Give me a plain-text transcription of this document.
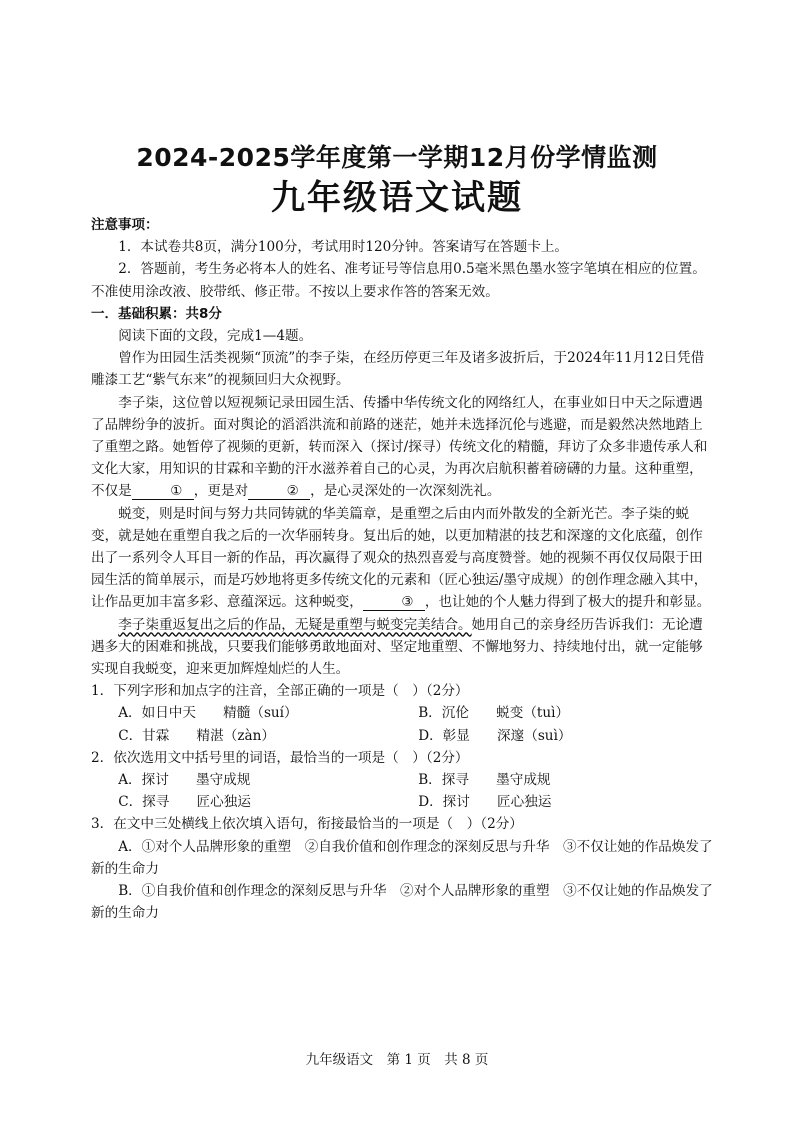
2024-2025学年度第一学期12月份学情监测
九年级语文试题

注意事项：

1．本试卷共8页，满分100分，考试用时120分钟。答案请写在答题卡上。

2．答题前，考生务必将本人的姓名、准考证号等信息用0.5毫米黑色墨水签字笔填在相应的位置。不准使用涂改液、胶带纸、修正带。不按以上要求作答的答案无效。

一．基础积累：共8分

阅读下面的文段，完成1—4题。

曾作为田园生活类视频“顶流”的李子柒，在经历停更三年及诸多波折后，于2024年11月12日凭借雕漆工艺“紫气东来”的视频回归大众视野。

李子柒，这位曾以短视频记录田园生活、传播中华传统文化的网络红人，在事业如日中天之际遭遇了品牌纷争的波折。面对舆论的滔滔洪流和前路的迷茫，她并未选择沉伦与逃避，而是毅然决然地踏上了重塑之路。她暂停了视频的更新，转而深入（探讨/探寻）传统文化的精髓，拜访了众多非遗传承人和文化大家，用知识的甘霖和辛勤的汗水滋养着自己的心灵，为再次启航积蓄着磅礴的力量。这种重塑，不仅是	① ，更是对	② ，是心灵深处的一次深刻洗礼。

蜕变，则是时间与努力共同铸就的华美篇章，是重塑之后由内而外散发的全新光芒。李子柒的蜕变，就是她在重塑自我之后的一次华丽转身。复出后的她，以更加精湛的技艺和深邃的文化底蕴，创作出了一系列令人耳目一新的作品，再次赢得了观众的热烈喜爱与高度赞誉。她的视频不再仅仅局限于田园生活的简单展示，而是巧妙地将更多传统文化的元素和（匠心独运/墨守成规）的创作理念融入其中，让作品更加丰富多彩、意蕴深远。这种蜕变，	③ ，也让她的个人魅力得到了极大的提升和彰显。

李子柒重返复出之后的作品，无疑是重塑与蜕变完美结合。她用自己的亲身经历告诉我们：无论遭遇多大的困难和挑战，只要我们能够勇敢地面对、坚定地重塑、不懈地努力、持续地付出，就一定能够实现自我蜕变，迎来更加辉煌灿烂的人生。

1．下列字形和加点字的注音，全部正确的一项是（　）（2分）

A．如日中天　　精髓（suí）	B．沉伦　　蜕变（tuì）
C．甘霖　　精湛（zàn）	D．彰显　　深邃（suì）

2．依次选用文中括号里的词语，最恰当的一项是（　）（2分）

A．探讨　　墨守成规	B．探寻　　墨守成规
C．探寻　　匠心独运	D．探讨　　匠心独运

3．在文中三处横线上依次填入语句，衔接最恰当的一项是（　）（2分）

A．①对个人品牌形象的重塑　②自我价值和创作理念的深刻反思与升华　③不仅让她的作品焕发了新的生命力

B．①自我价值和创作理念的深刻反思与升华　②对个人品牌形象的重塑　③不仅让她的作品焕发了新的生命力

九年级语文　第 1 页　共 8 页
